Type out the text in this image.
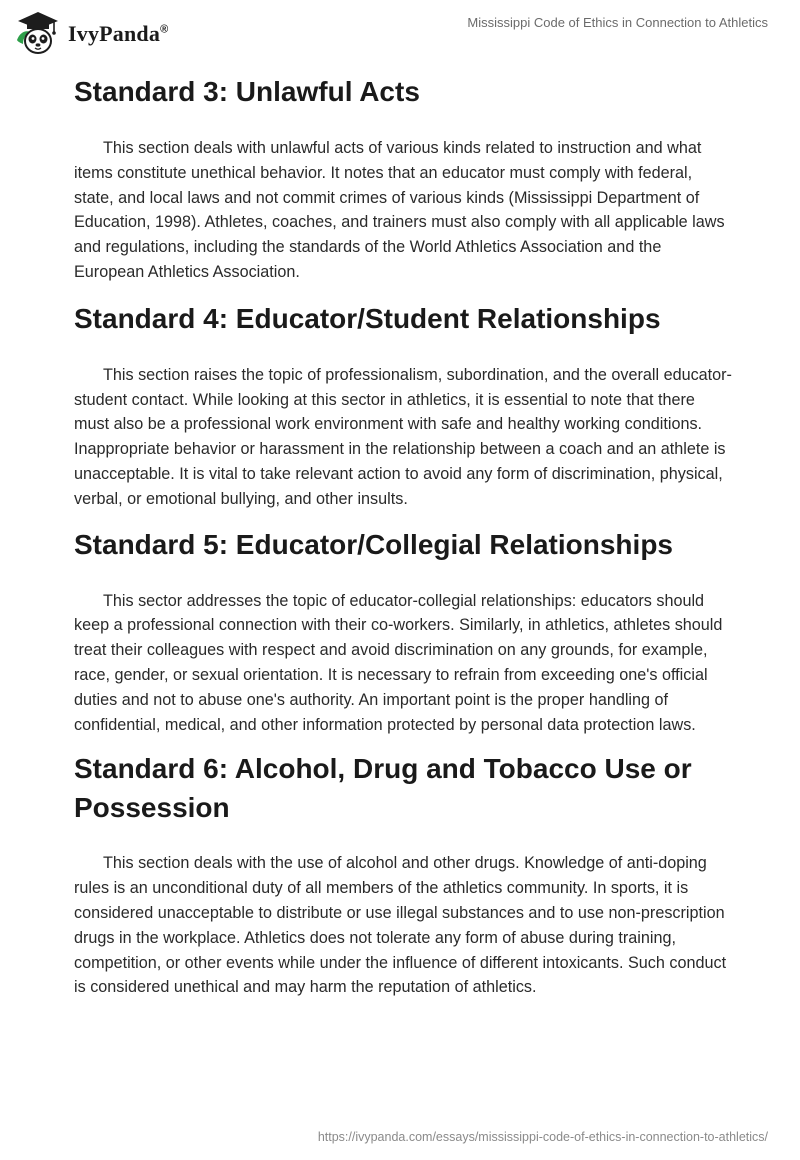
IvyPanda®	Mississippi Code of Ethics in Connection to Athletics
Standard 3: Unlawful Acts

This section deals with unlawful acts of various kinds related to instruction and what items constitute unethical behavior. It notes that an educator must comply with federal, state, and local laws and not commit crimes of various kinds (Mississippi Department of Education, 1998). Athletes, coaches, and trainers must also comply with all applicable laws and regulations, including the standards of the World Athletics Association and the European Athletics Association.

Standard 4: Educator/Student Relationships

This section raises the topic of professionalism, subordination, and the overall educator-student contact. While looking at this sector in athletics, it is essential to note that there must also be a professional work environment with safe and healthy working conditions. Inappropriate behavior or harassment in the relationship between a coach and an athlete is unacceptable. It is vital to take relevant action to avoid any form of discrimination, physical, verbal, or emotional bullying, and other insults.

Standard 5: Educator/Collegial Relationships

This sector addresses the topic of educator-collegial relationships: educators should keep a professional connection with their co-workers. Similarly, in athletics, athletes should treat their colleagues with respect and avoid discrimination on any grounds, for example, race, gender, or sexual orientation. It is necessary to refrain from exceeding one's official duties and not to abuse one's authority. An important point is the proper handling of confidential, medical, and other information protected by personal data protection laws.

Standard 6: Alcohol, Drug and Tobacco Use or Possession

This section deals with the use of alcohol and other drugs. Knowledge of anti-doping rules is an unconditional duty of all members of the athletics community. In sports, it is considered unacceptable to distribute or use illegal substances and to use non-prescription drugs in the workplace. Athletics does not tolerate any form of abuse during training, competition, or other events while under the influence of different intoxicants. Such conduct is considered unethical and may harm the reputation of athletics.

https://ivypanda.com/essays/mississippi-code-of-ethics-in-connection-to-athletics/
